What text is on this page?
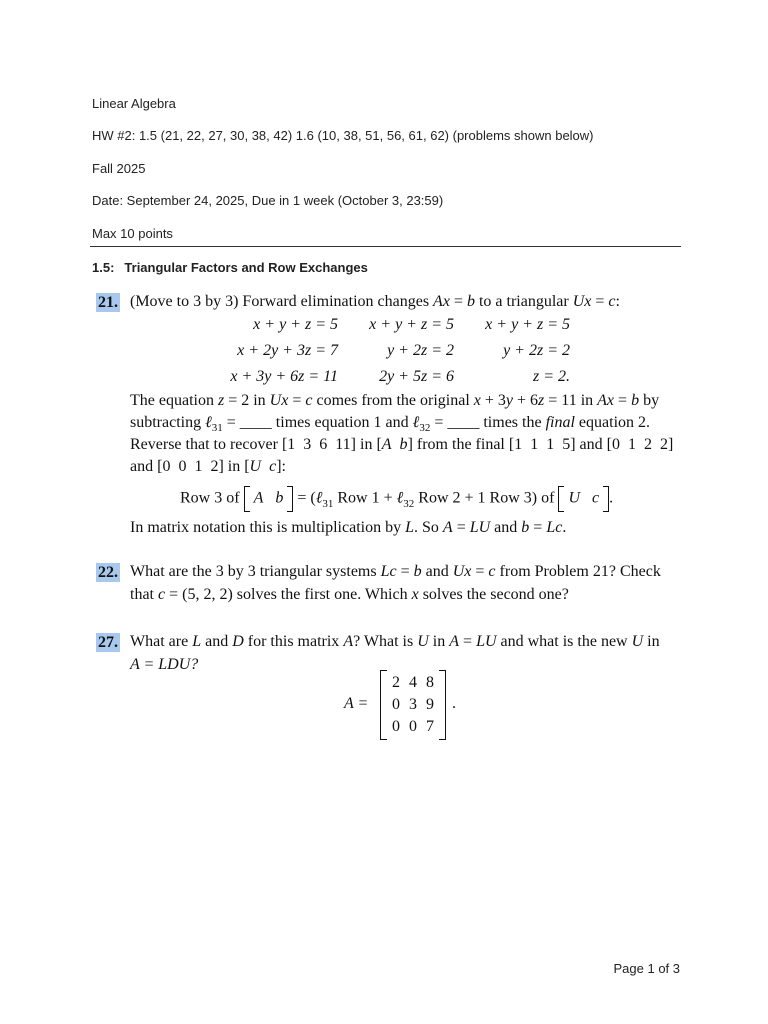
Linear Algebra
HW #2: 1.5 (21, 22, 27, 30, 38, 42) 1.6 (10, 38, 51, 56, 61, 62) (problems shown below)
Fall 2025
Date: September 24, 2025, Due in 1 week (October 3, 23:59)
Max 10 points
1.5: Triangular Factors and Row Exchanges
21. (Move to 3 by 3) Forward elimination changes Ax = b to a triangular Ux = c:
x + y + z = 5	x + y + z = 5	x + y + z = 5
x + 2y + 3z = 7	y + 2z = 2	y + 2z = 2
x + 3y + 6z = 11	2y + 5z = 6	z = 2.
The equation z = 2 in Ux = c comes from the original x + 3y + 6z = 11 in Ax = b by
subtracting ℓ$_{31}$ = ____ times equation 1 and ℓ$_{32}$ = ____ times the final equation 2.
Reverse that to recover [1  3  6  11] in [A  b] from the final [1  1  1  5] and [0  1  2  2]
and [0  0  1  2] in [U  c]:
Row 3 of  A   b  = (ℓ$_{31}$ Row 1 + ℓ$_{32}$ Row 2 + 1 Row 3) of  U   c .
In matrix notation this is multiplication by L. So A = LU and b = Lc.
22. What are the 3 by 3 triangular systems Lc = b and Ux = c from Problem 21? Check
that c = (5, 2, 2) solves the first one. Which x solves the second one?
27. What are L and D for this matrix A? What is U in A = LU and what is the new U in
A = LDU?
A =
2 4 8
0 3 9
0 0 7
.
Page 1 of 3
